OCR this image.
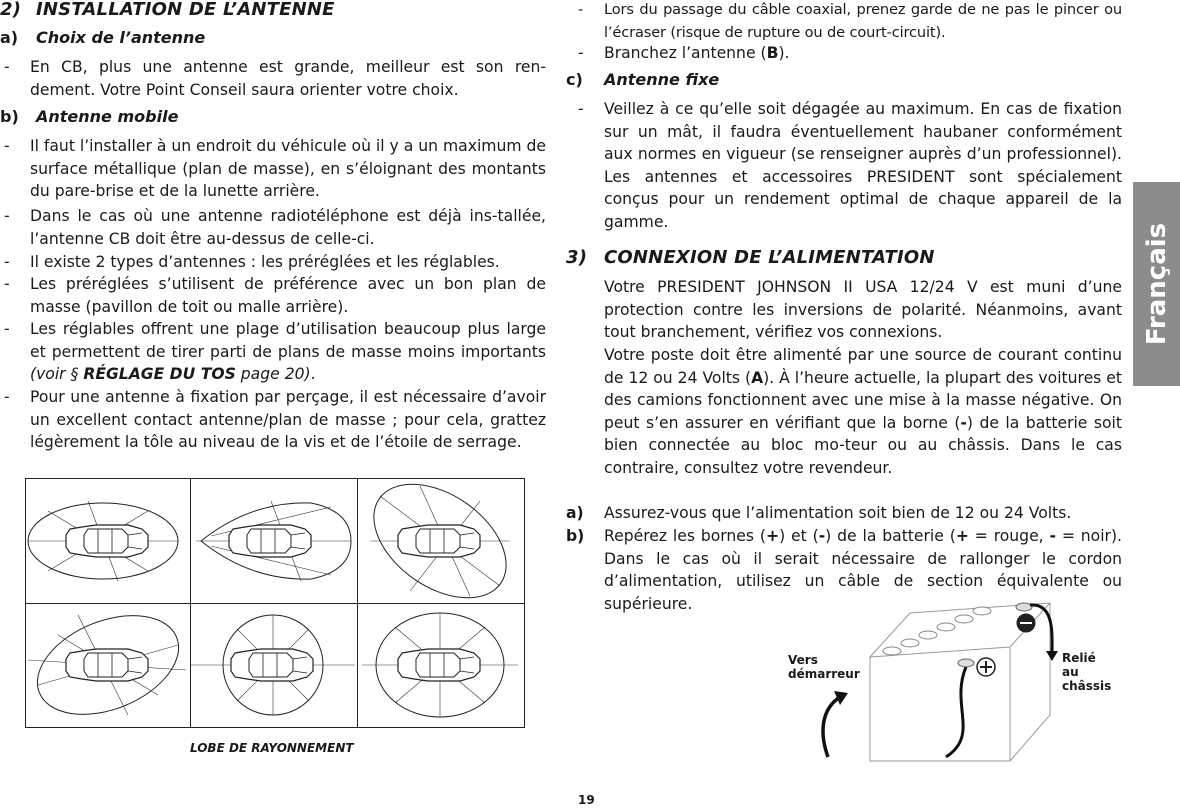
2) INSTALLATION DE L’ANTENNE
a) Choix de l’antenne
- En CB, plus une antenne est grande, meilleur est son ren-dement. Votre Point Conseil saura orienter votre choix.
b) Antenne mobile
- Il faut l’installer à un endroit du véhicule où il y a un maximum de surface métallique (plan de masse), en s’éloignant des montants du pare-brise et de la lunette arrière.
- Dans le cas où une antenne radiotéléphone est déjà ins-tallée, l’antenne CB doit être au-dessus de celle-ci.
- Il existe 2 types d’antennes : les préréglées et les réglables.
- Les préréglées s’utilisent de préférence avec un bon plan de masse (pavillon de toit ou malle arrière).
- Les réglables offrent une plage d’utilisation beaucoup plus large et permettent de tirer parti de plans de masse moins importants (voir § RÉGLAGE DU TOS page 20).
- Pour une antenne à fixation par perçage, il est nécessaire d’avoir un excellent contact antenne/plan de masse ; pour cela, grattez légèrement la tôle au niveau de la vis et de l’étoile de serrage.
LOBE DE RAYONNEMENT
- Lors du passage du câble coaxial, prenez garde de ne pas le pincer ou l’écraser (risque de rupture ou de court-circuit).
- Branchez l’antenne (B).
c) Antenne fixe
- Veillez à ce qu’elle soit dégagée au maximum. En cas de fixation sur un mât, il faudra éventuellement haubaner conformément aux normes en vigueur (se renseigner auprès d’un professionnel). Les antennes et accessoires PRESIDENT sont spécialement conçus pour un rendement optimal de chaque appareil de la gamme.
3) CONNEXION DE L’ALIMENTATION
Votre PRESIDENT JOHNSON II USA 12/24 V est muni d’une protection contre les inversions de polarité. Néanmoins, avant tout branchement, vérifiez vos connexions.
Votre poste doit être alimenté par une source de courant continu de 12 ou 24 Volts (A). À l’heure actuelle, la plupart des voitures et des camions fonctionnent avec une mise à la masse négative. On peut s’en assurer en vérifiant que la borne (-) de la batterie soit bien connectée au bloc mo-teur ou au châssis. Dans le cas contraire, consultez votre revendeur.
a) Assurez-vous que l’alimentation soit bien de 12 ou 24 Volts.
b) Repérez les bornes (+) et (-) de la batterie (+ = rouge, - = noir). Dans le cas où il serait nécessaire de rallonger le cordon d’alimentation, utilisez un câble de section équivalente ou supérieure.
Vers
démarreur
Relié
au châssis
Français
19
